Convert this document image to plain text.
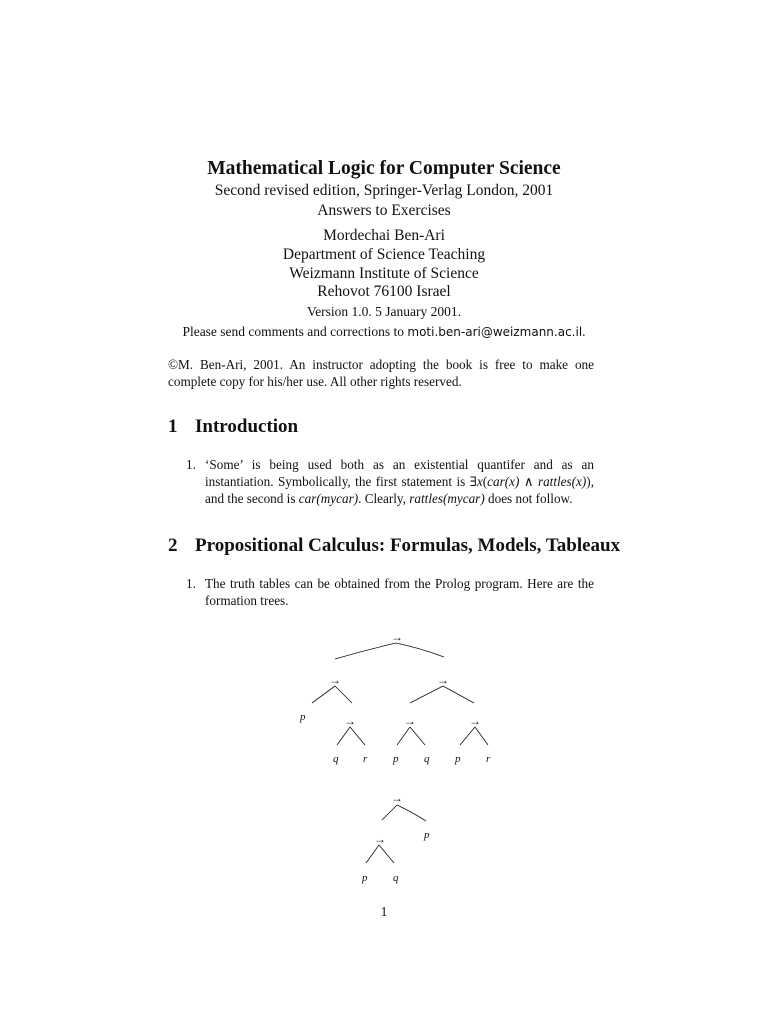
Mathematical Logic for Computer Science
Second revised edition, Springer-Verlag London, 2001
Answers to Exercises
Mordechai Ben-Ari
Department of Science Teaching
Weizmann Institute of Science
Rehovot 76100 Israel
Version 1.0. 5 January 2001.
Please send comments and corrections to moti.ben-ari@weizmann.ac.il.
©M. Ben-Ari, 2001. An instructor adopting the book is free to make one complete copy for his/her use. All other rights reserved.
1 Introduction
1. ‘Some’ is being used both as an existential quantifer and as an instantiation. Symbolically, the first statement is ∃x(car(x) ∧ rattles(x)), and the second is car(mycar). Clearly, rattles(mycar) does not follow.
2 Propositional Calculus: Formulas, Models, Tableaux
1. The truth tables can be obtained from the Prolog program. Here are the formation trees.
→
→	→
→	→	→
p
q r p q p r
→
→	p
p q
1
